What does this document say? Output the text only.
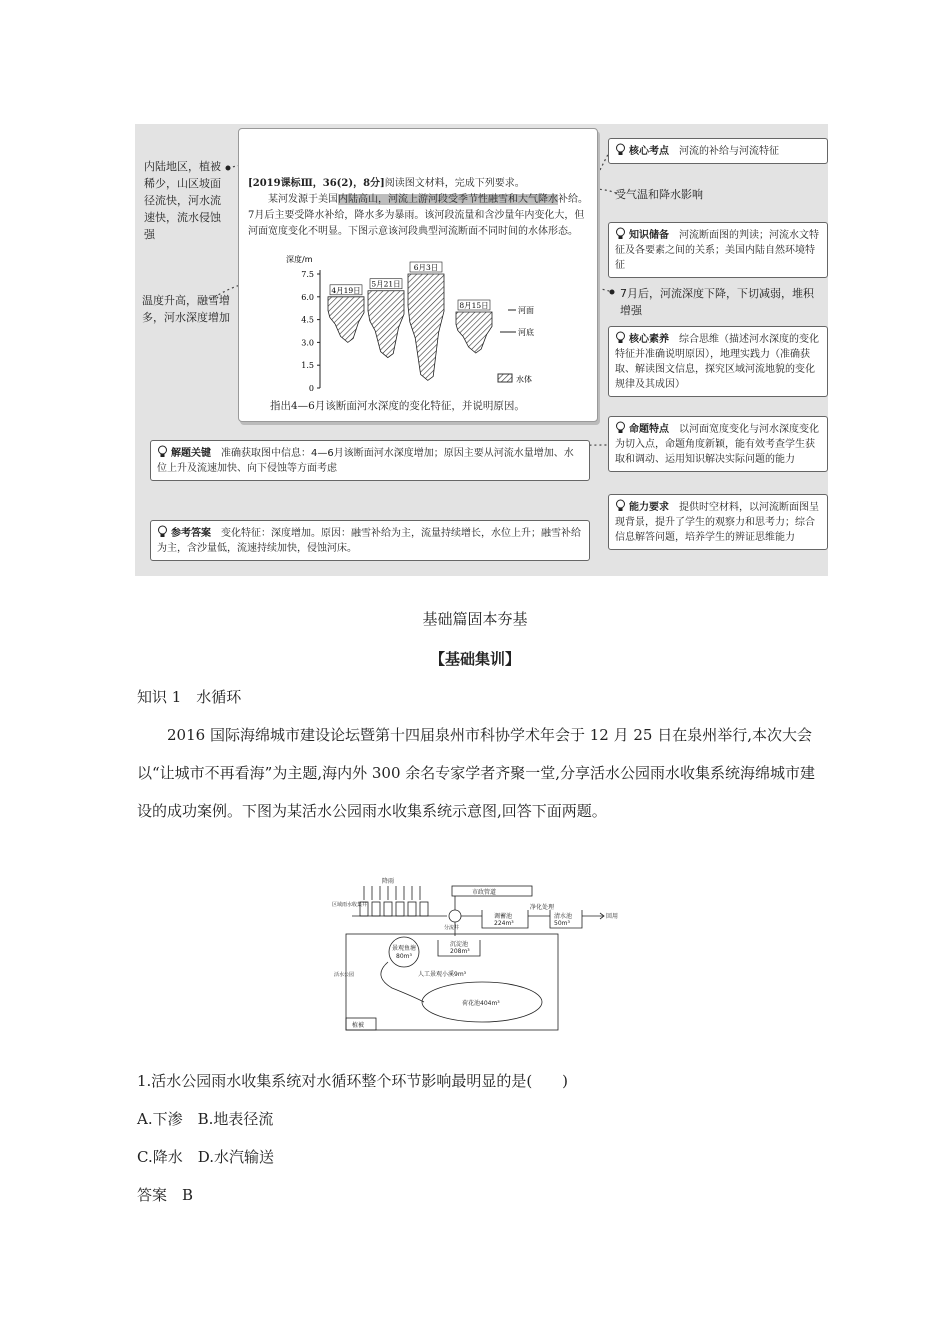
内陆地区，植被稀少，山区坡面径流快，河水流速快，流水侵蚀强
温度升高，融雪增多，河水深度增加
[2019课标Ⅲ，36(2)，8分]阅读图文材料，完成下列要求。
某河发源于美国内陆高山，河流上游河段受季节性融雪和大气降水补给。7月后主要受降水补给，降水多为暴雨。该河段流量和含沙量年内变化大，但河面宽度变化不明显。下图示意该河段典型河流断面不同时间的水体形态。
深度/m
0
1.5
3.0
4.5
6.0
7.5
4月19日
5月21日
6月3日
8月15日
河面
河底
水体
指出4—6月该断面河水深度的变化特征，并说明原因。
核心考点　 河流的补给与河流特征
受气温和降水影响
知识储备　 河流断面图的判读；河流水文特征及各要素之间的关系；美国内陆自然环境特征
7月后，河流深度下降，下切减弱，堆积增强
核心素养　 综合思维（描述河水深度的变化特征并准确说明原因），地理实践力（准确获取、解读图文信息，探究区域河流地貌的变化规律及其成因）
命题特点　 以河面宽度变化与河水深度变化为切入点，命题角度新颖，能有效考查学生获取和调动、运用知识解决实际问题的能力
能力要求　 提供时空材料，以河流断面图呈现背景，提升了学生的观察力和思考力；综合信息解答问题，培养学生的辨证思维能力
解题关键　 准确获取图中信息：4—6月该断面河水深度增加；原因主要从河流水量增加、水位上升及流速加快、向下侵蚀等方面考虑
参考答案　 变化特征：深度增加。原因：融雪补给为主，流量持续增长，水位上升；融雪补给为主，含沙量低，流速持续加快，侵蚀河床。
基础篇固本夯基
【基础集训】
知识 1　水循环
2016 国际海绵城市建设论坛暨第十四届泉州市科协学术年会于 12 月 25 日在泉州举行,本次大会以“让城市不再看海”为主题,海内外 300 余名专家学者齐聚一堂,分享活水公园雨水收集系统海绵城市建设的成功案例。下图为某活水公园雨水收集系统示意图,回答下面两题。
降雨
区域雨水收集井
市政管道
分流井
调蓄池
224m³
净化处理
清水池
50m³
回用
活水公园
景观鱼塘
80m³
沉淀池
208m³
人工景观小溪9m³
荷花池404m³
植被
1.活水公园雨水收集系统对水循环整个环节影响最明显的是(　　)
A.下渗　B.地表径流
C.降水　D.水汽输送
答案　B
